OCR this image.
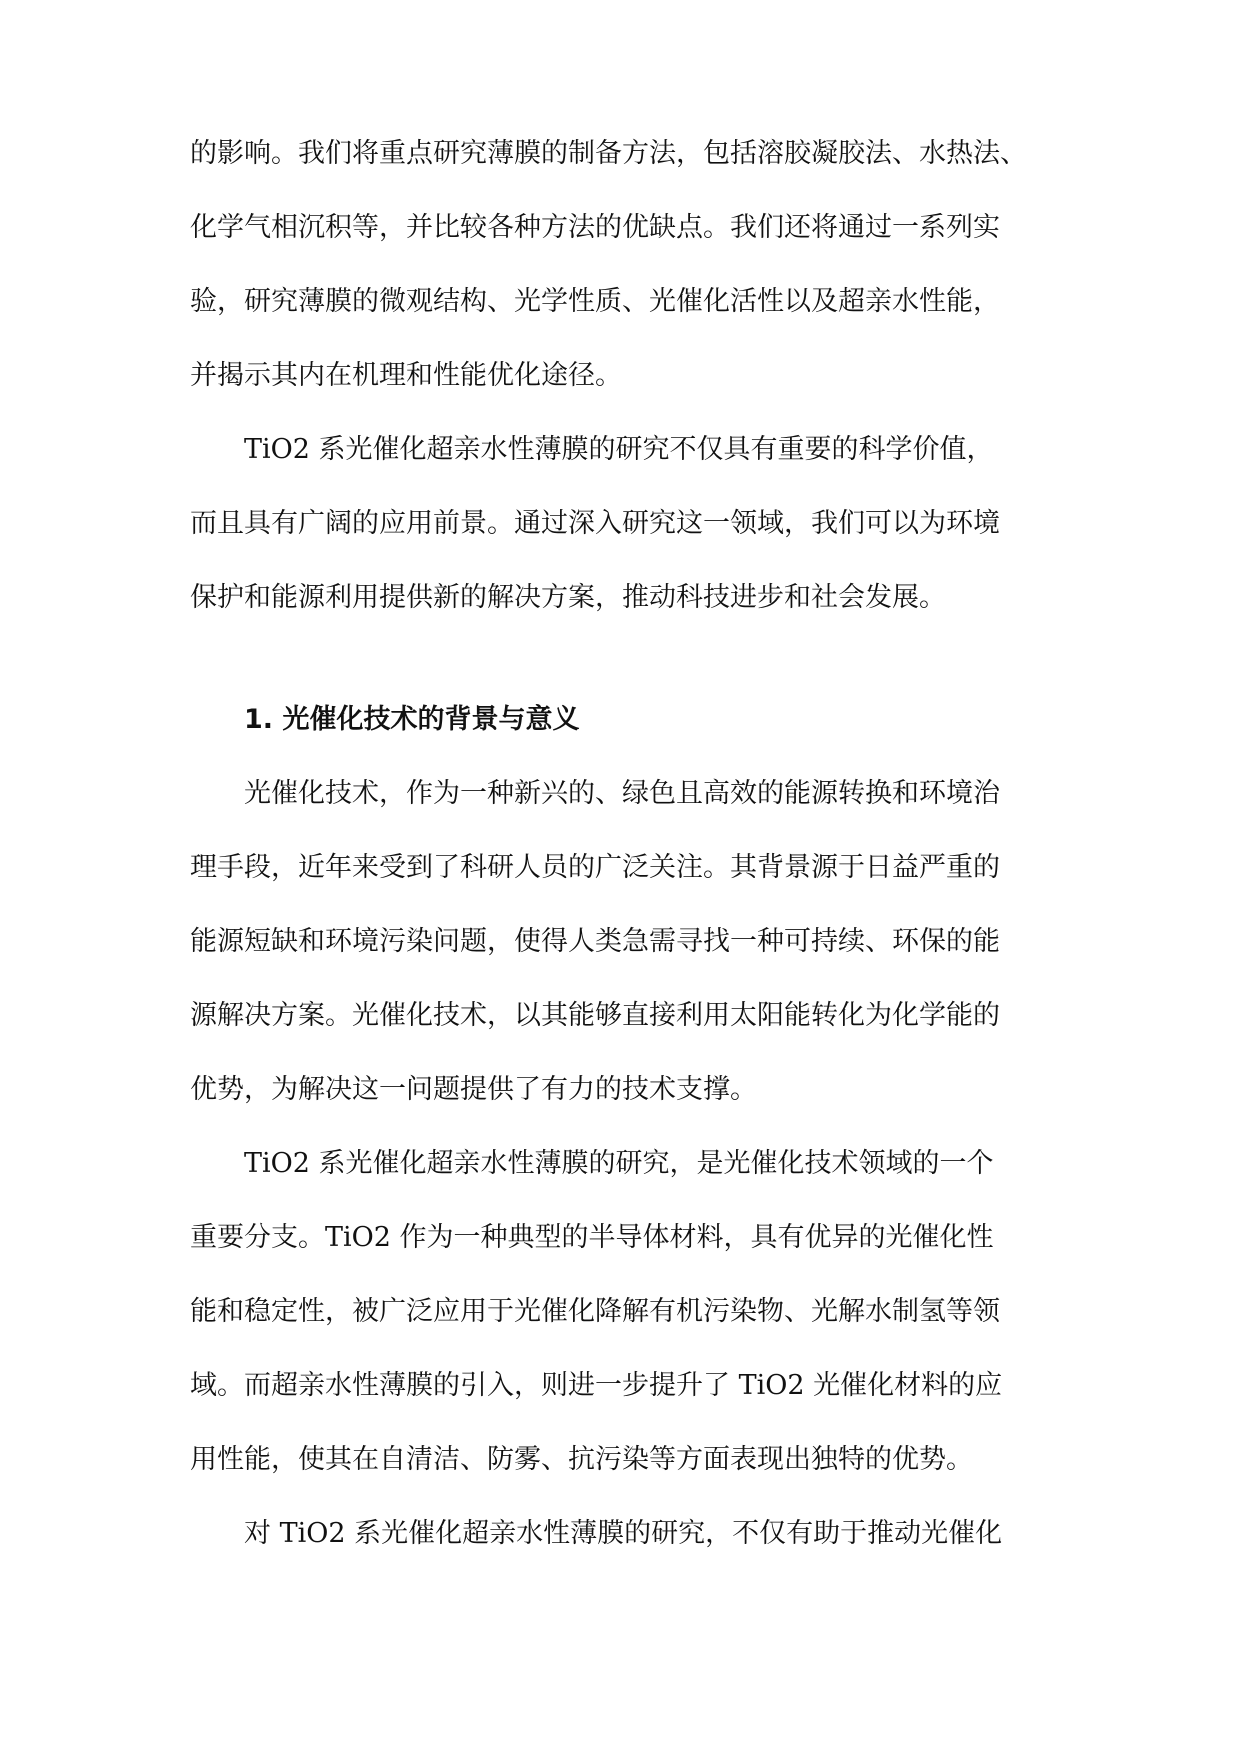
的影响。我们将重点研究薄膜的制备方法，包括溶胶凝胶法、水热法、
化学气相沉积等，并比较各种方法的优缺点。我们还将通过一系列实
验，研究薄膜的微观结构、光学性质、光催化活性以及超亲水性能，
并揭示其内在机理和性能优化途径。
TiO2 系光催化超亲水性薄膜的研究不仅具有重要的科学价值，
而且具有广阔的应用前景。通过深入研究这一领域，我们可以为环境
保护和能源利用提供新的解决方案，推动科技进步和社会发展。
1. 光催化技术的背景与意义
光催化技术，作为一种新兴的、绿色且高效的能源转换和环境治
理手段，近年来受到了科研人员的广泛关注。其背景源于日益严重的
能源短缺和环境污染问题，使得人类急需寻找一种可持续、环保的能
源解决方案。光催化技术，以其能够直接利用太阳能转化为化学能的
优势，为解决这一问题提供了有力的技术支撑。
TiO2 系光催化超亲水性薄膜的研究，是光催化技术领域的一个
重要分支。TiO2 作为一种典型的半导体材料，具有优异的光催化性
能和稳定性，被广泛应用于光催化降解有机污染物、光解水制氢等领
域。而超亲水性薄膜的引入，则进一步提升了 TiO2 光催化材料的应
用性能，使其在自清洁、防雾、抗污染等方面表现出独特的优势。
对 TiO2 系光催化超亲水性薄膜的研究，不仅有助于推动光催化
